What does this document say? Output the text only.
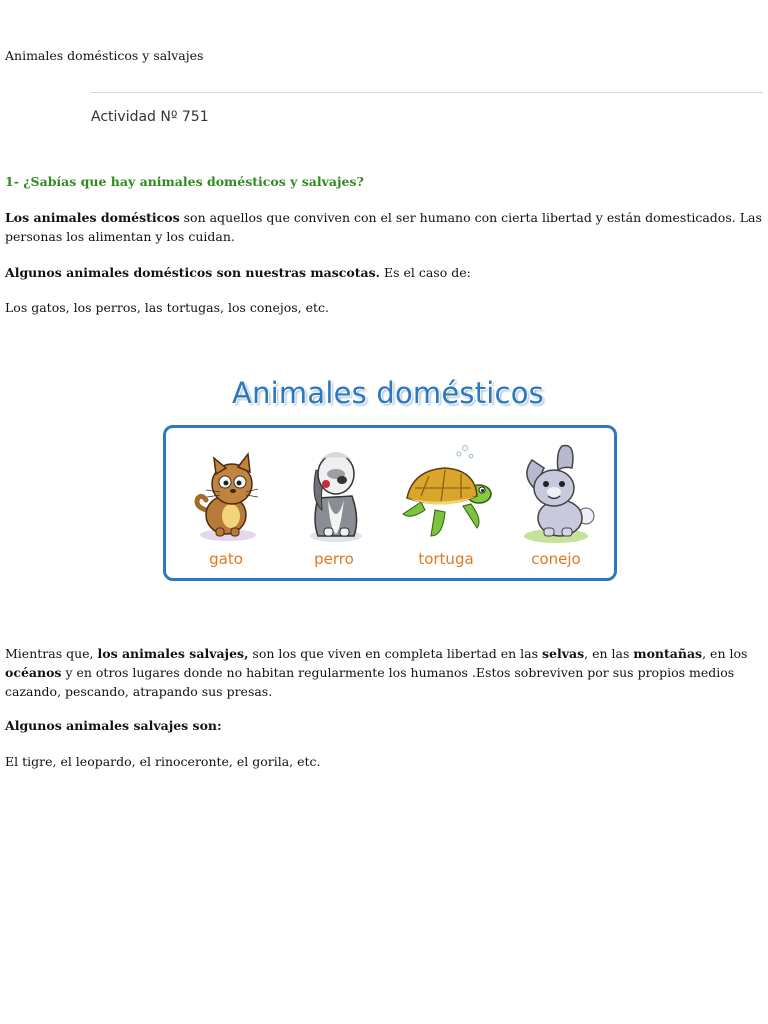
Animales domésticos y salvajes
Actividad Nº 751
1- ¿Sabías que hay animales domésticos y salvajes?
Los animales domésticos son aquellos que conviven con el ser humano con cierta libertad y están domesticados. Las personas los alimentan y los cuidan.
Algunos animales domésticos son nuestras mascotas. Es el caso de:
Los gatos, los perros, las tortugas, los conejos, etc.
Animales domésticos
gato	perro	tortuga	conejo
Mientras que, los animales salvajes, son los que viven en completa libertad en las selvas, en las montañas, en los océanos y en otros lugares donde no habitan regularmente los humanos .Estos sobreviven por sus propios medios cazando, pescando, atrapando sus presas.
Algunos animales salvajes son:
El tigre, el leopardo, el rinoceronte, el gorila, etc.
